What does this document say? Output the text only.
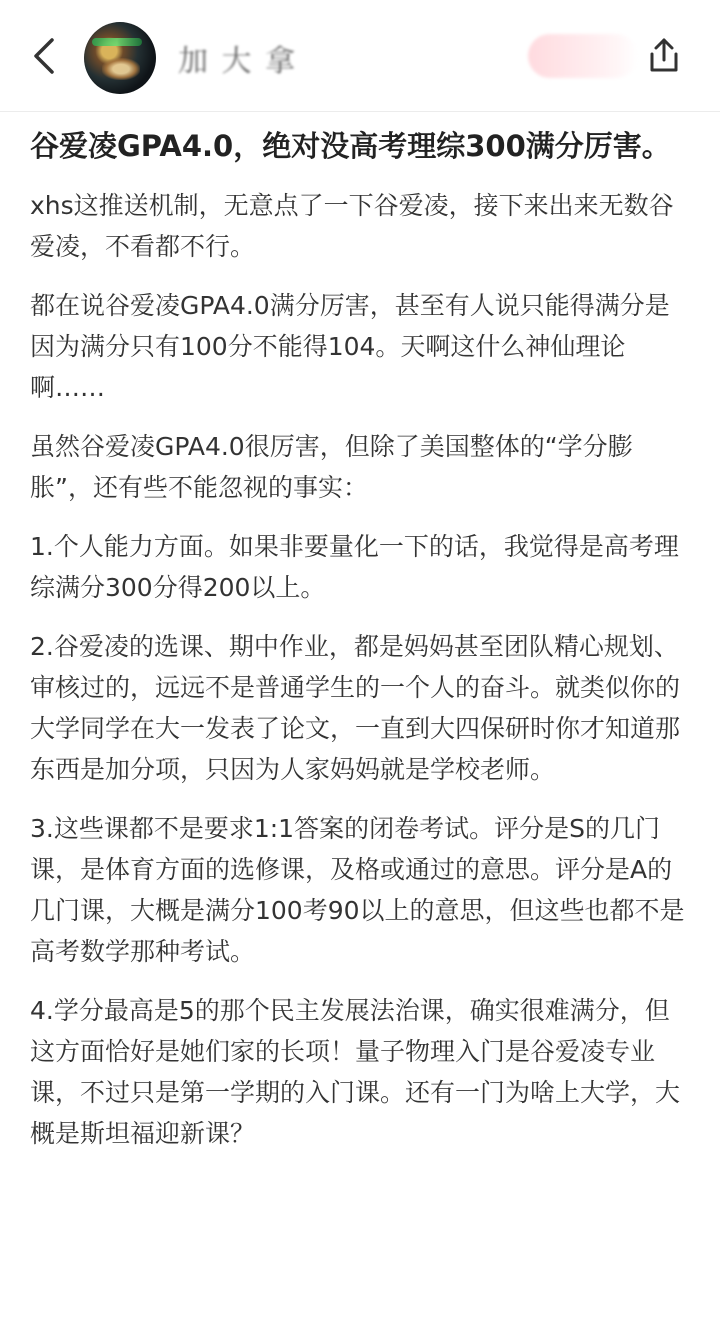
加 大 拿
谷爱凌GPA4.0，绝对没高考理综300满分厉害。

xhs这推送机制，无意点了一下谷爱凌，接下来出来无数谷爱凌，不看都不行。

都在说谷爱凌GPA4.0满分厉害，甚至有人说只能得满分是因为满分只有100分不能得104。天啊这什么神仙理论啊……

虽然谷爱凌GPA4.0很厉害，但除了美国整体的“学分膨胀”，还有些不能忽视的事实：

1.个人能力方面。如果非要量化一下的话，我觉得是高考理综满分300分得200以上。

2.谷爱凌的选课、期中作业，都是妈妈甚至团队精心规划、审核过的，远远不是普通学生的一个人的奋斗。就类似你的大学同学在大一发表了论文，一直到大四保研时你才知道那东西是加分项，只因为人家妈妈就是学校老师。

3.这些课都不是要求1:1答案的闭卷考试。评分是S的几门课，是体育方面的选修课，及格或通过的意思。评分是A的几门课，大概是满分100考90以上的意思，但这些也都不是高考数学那种考试。

4.学分最高是5的那个民主发展法治课，确实很难满分，但这方面恰好是她们家的长项！量子物理入门是谷爱凌专业课，不过只是第一学期的入门课。还有一门为啥上大学，大概是斯坦福迎新课？
